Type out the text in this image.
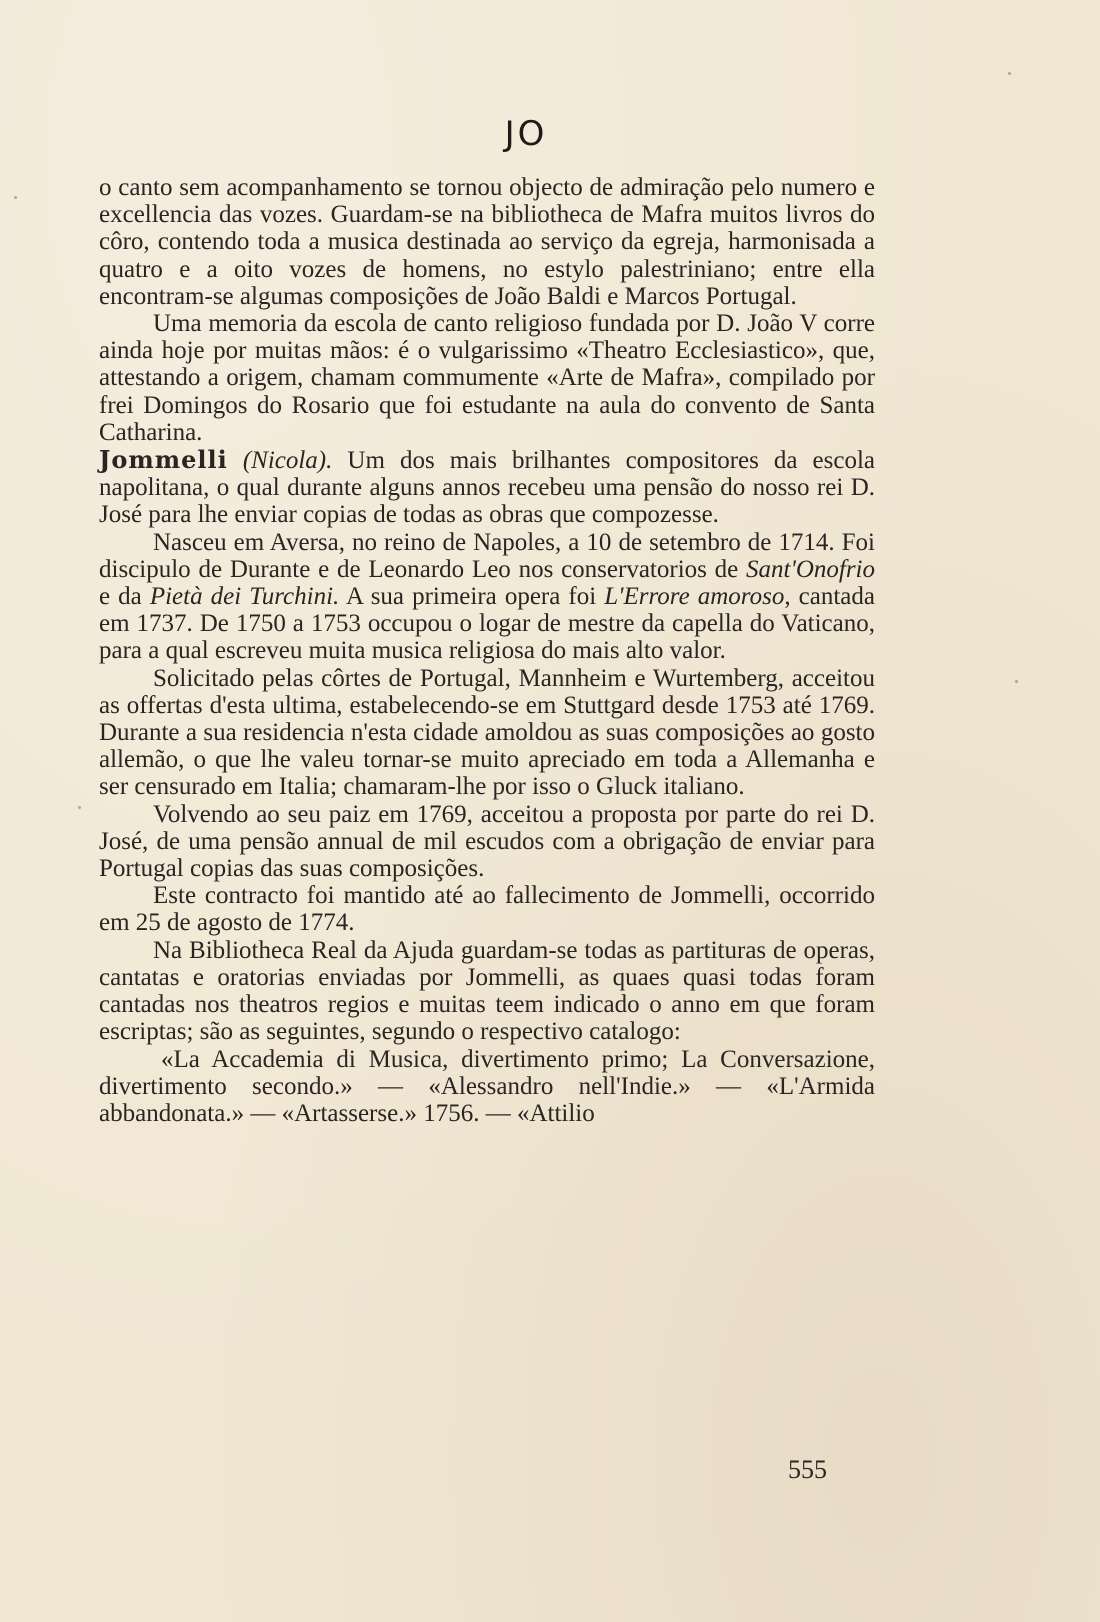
JO

o canto sem acompanhamento se tornou objecto de admiração pelo numero e excellencia das vozes. Guardam-se na bibliotheca de Mafra muitos livros do côro, contendo toda a musica destinada ao serviço da egreja, harmonisada a quatro e a oito vozes de homens, no estylo palestriniano; entre ella encontram-se algumas composições de João Baldi e Marcos Portugal.

Uma memoria da escola de canto religioso fundada por D. João V corre ainda hoje por muitas mãos: é o vulgarissimo «Theatro Ecclesiastico», que, attestando a origem, chamam commumente «Arte de Mafra», compilado por frei Domingos do Rosario que foi estudante na aula do convento de Santa Catharina.

Jommelli (Nicola). Um dos mais brilhantes compositores da escola napolitana, o qual durante alguns annos recebeu uma pensão do nosso rei D. José para lhe enviar copias de todas as obras que compozesse.

Nasceu em Aversa, no reino de Napoles, a 10 de setembro de 1714. Foi discipulo de Durante e de Leonardo Leo nos conservatorios de Sant'Onofrio e da Pietà dei Turchini. A sua primeira opera foi L'Errore amoroso, cantada em 1737. De 1750 a 1753 occupou o logar de mestre da capella do Vaticano, para a qual escreveu muita musica religiosa do mais alto valor.

Solicitado pelas côrtes de Portugal, Mannheim e Wurtemberg, acceitou as offertas d'esta ultima, estabelecendo-se em Stuttgard desde 1753 até 1769. Durante a sua residencia n'esta cidade amoldou as suas composições ao gosto allemão, o que lhe valeu tornar-se muito apreciado em toda a Allemanha e ser censurado em Italia; chamaram-lhe por isso o Gluck italiano.

Volvendo ao seu paiz em 1769, acceitou a proposta por parte do rei D. José, de uma pensão annual de mil escudos com a obrigação de enviar para Portugal copias das suas composições.

Este contracto foi mantido até ao fallecimento de Jommelli, occorrido em 25 de agosto de 1774.

Na Bibliotheca Real da Ajuda guardam-se todas as partituras de operas, cantatas e oratorias enviadas por Jommelli, as quaes quasi todas foram cantadas nos theatros regios e muitas teem indicado o anno em que foram escriptas; são as seguintes, segundo o respectivo catalogo:

«La Accademia di Musica, divertimento primo; La Conversazione, divertimento secondo.» — «Alessandro nell'Indie.» — «L'Armida abbandonata.» — «Artasserse.» 1756. — «Attilio

555
